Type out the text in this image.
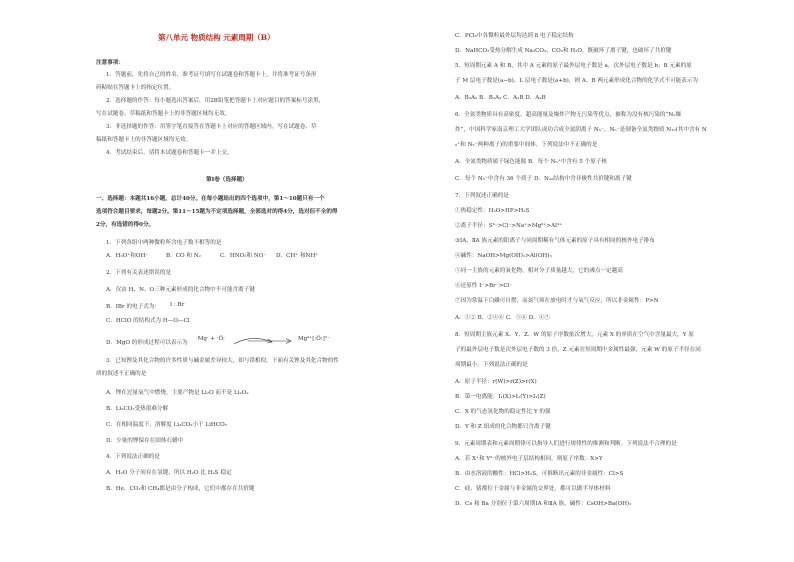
第八单元 物质结构 元素周期（B）
注意事项：
1．答题前，先将自己的姓名、准考证号填写在试题卷和答题卡上，并将准考证号条形
码粘贴在答题卡上的指定位置。
2．选择题的作答：每小题选出答案后，用2B铅笔把答题卡上对应题目的答案标号涂黑，
写在试题卷、草稿纸和答题卡上的非答题区域均无效。
3．非选择题的作答：用签字笔直接答在答题卡上对应的答题区域内。写在试题卷、草
稿纸和答题卡上的非答题区域均无效。
4．考试结束后，请将本试题卷和答题卡一并上交。
第Ⅰ卷（选择题）
一、选择题：本题共16小题，总计40分。在每小题给出的四个选项中，第1～10题只有一个
选项符合题目要求，每题2分。第11～15题为不定项选择题，全部选对的得4分，选对但不全的得
2分，有选错的得0分。
1．下列各组中两种微粒所含电子数不相等的是
A．H₃O⁺和OH⁻	B．CO 和 N₂	C．HNO₂和 NO⁻ D．CH⁺ 和NH⁺
2．下列有关表述错误的是
A．仅由 H、N、O三种元素形成的化合物中不可能含离子键
B．IBr 的电子式为： I : Br
C．HClO 的结构式为 H—O—Cl
D．MgO 的形成过程可以表示为
·Mg· + ·Ö:	Mg²⁺[:Ö:]²⁻
3．已知锂及其化合物的许多性质与碱金属差异较大，却与镁相似。下面有关锂及其化合物的性
质的叙述不正确的是
A．锂在过量氧气中燃烧，主要产物是 Li₂O 而不是 Li₂O₂
B．Li₂CO₃受热很难分解
C．在相同温度下，溶解度 Li₂CO₃小于 LiHCO₃
D．少量的锂保存在固体石蜡中
4．下列说法正确的是
A．H₂O 分子间存在氢键，所以 H₂O 比 H₂S 稳定
B．He、CO₂和 CH₄都是由分子构成，它们中都存在共价键
C．PCl₅中各微粒最外层均达到 8 电子稳定结构
D．NaHCO₃受热分解生成 Na₂CO₃、CO₂和 H₂O，既破坏了离子键，也破坏了共价键
5．短周期元素 A 和 B，其中 A 元素的原子最外层电子数是 a，次外层电子数是 b；B 元素的原
子 M 层电子数是(a−b)，L 层电子数是(a+b)，则 A、B 两元素形成化合物的化学式不可能表示为
A．B₃A₂ B．B₂A₃ C．A₂B D．A₃B
6．全氮类物质具有高密度、超高能量及爆炸产物无污染等优点，被称为没有核污染的“N₂爆
炸”，中国科学家南京理工大学团队成功合成全氮阴离子 N₅⁻，N₅⁻是制备全氮类物质 N₁₀(其中含有 N
₅⁺和 N₅⁻两种离子)的重要中间体。下列说法中不正确的是
A．全氮类物质属于绿色能源 B．每个 N₅⁺中含有 5 个原子核
C．每个 N₅⁻中含有 36 个质子 D．N₁₀结构中含非极性共价键和离子键
7．下列叙述正确的是
①热稳定性：H₂O>HF>H₂S
②离子半径：S²⁻>Cl⁻>Na⁺>Mg²⁺>Al³⁺
③ⅠA、ⅡA 族元素的阳离子与同周期稀有气体元素的原子具有相同的核外电子排布
④碱性：NaOH>Mg(OH)₂>Al(OH)₃
⑤同一主族的元素的氧化物，相对分子质量越大，它的沸点一定越高
⑥还原性 I⁻>Br⁻>Cl⁻
⑦因为常温下白磷可自燃，而氮气须在放电时才与氧气反应，所以非金属性：P>N
A．①② B．②④⑥ C．⑤⑥ D．④⑦
8．短周期主族元素 X、Y、Z、W 的原子序数依次增大，元素 X 的单质在空气中含量最大，Y 原
子的最外层电子数是次外层电子数的 3 倍，Z 元素在短周期中金属性最强，元素 W 的原子半径在同
周期最小。下列说法正确的是
A．原子半径：r(W)>r(Z)>r(X)
B．第一电离能：I₁(X)>I₁(Y)>I₁(Z)
C．X 的气态氢化物的稳定性比 Y 的强
D．Y 和 Z 组成的化合物都只含离子键
9．元素周期表和元素周期律可以指导人们进行规律性的推测和判断。下列说法不合理的是
A．若 X⁺和 Y²⁻的核外电子层结构相同，则原子序数：X>Y
B．由水溶液的酸性：HCl>H₂S，可推断出元素的非金属性：Cl>S
C．硅、锗都位于金属与非金属的交界处，都可以做半导体材料
D．Cs 和 Ba 分别位于第六周期ⅠA 和ⅡA 族，碱性：CsOH>Ba(OH)₂
